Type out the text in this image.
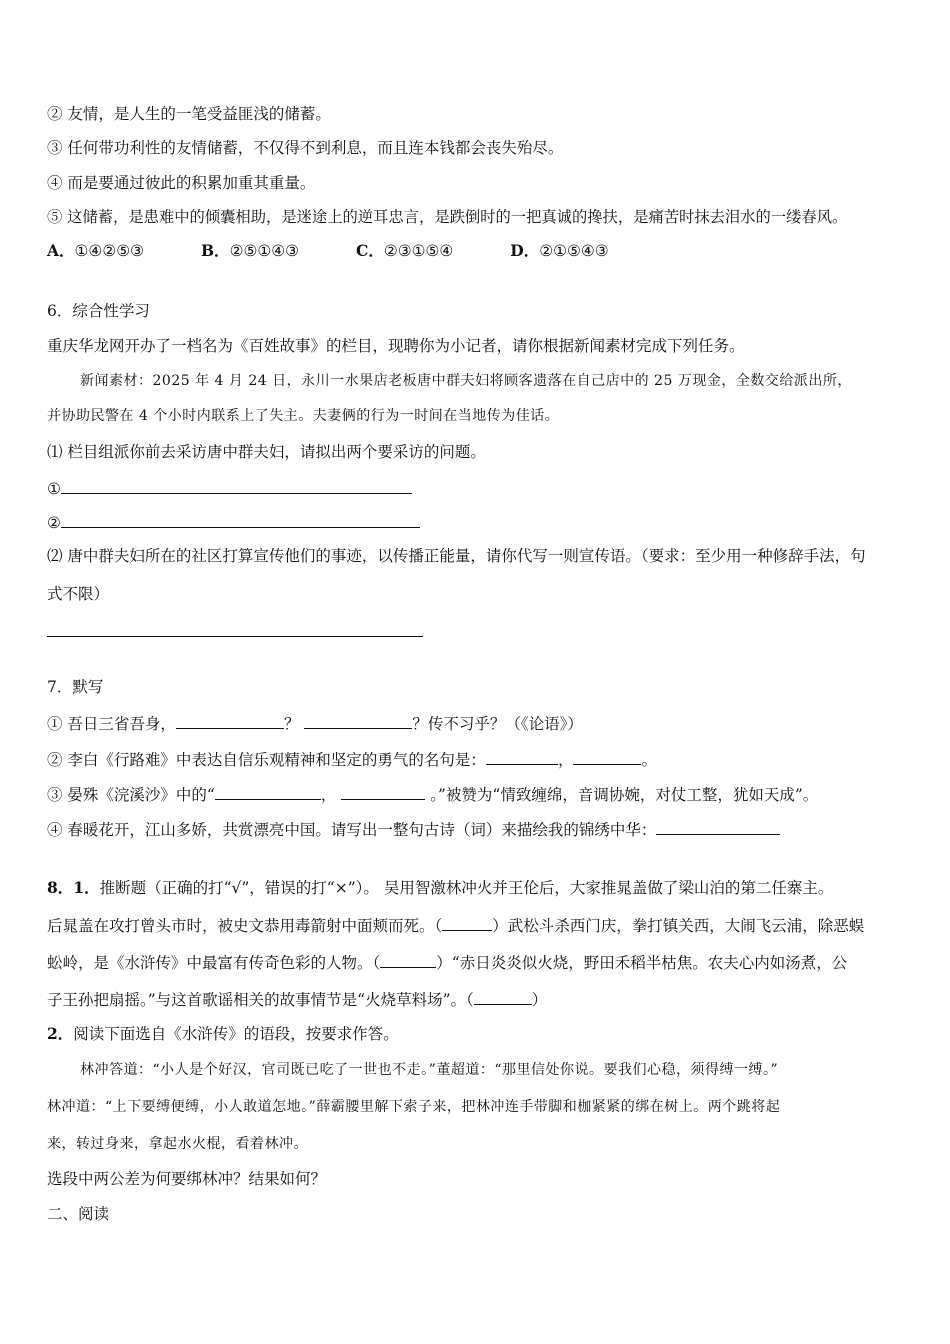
② 友情，是人生的一笔受益匪浅的储蓄。
③ 任何带功利性的友情储蓄，不仅得不到利息，而且连本钱都会丧失殆尽。
④ 而是要通过彼此的积累加重其重量。
⑤ 这储蓄，是患难中的倾囊相助，是迷途上的逆耳忠言，是跌倒时的一把真诚的搀扶，是痛苦时抹去泪水的一缕春风。
A．①④②⑤③	B．②⑤①④③	C．②③①⑤④	D．②①⑤④③
6．综合性学习
重庆华龙网开办了一档名为《百姓故事》的栏目，现聘你为小记者，请你根据新闻素材完成下列任务。
新闻素材：2025 年 4 月 24 日，永川一水果店老板唐中群夫妇将顾客遗落在自己店中的 25 万现金，全数交给派出所，
并协助民警在 4 个小时内联系上了失主。夫妻俩的行为一时间在当地传为佳话。
⑴ 栏目组派你前去采访唐中群夫妇，请拟出两个要采访的问题。
①
②
⑵ 唐中群夫妇所在的社区打算宣传他们的事迹，以传播正能量，请你代写一则宣传语。（要求：至少用一种修辞手法，句
式不限）
7．默写
① 吾日三省吾身，	？	？传不习乎？（《论语》）
② 李白《行路难》中表达自信乐观精神和坚定的勇气的名句是：	，	。
③ 晏殊《浣溪沙》中的“	，	。”被赞为“情致缠绵，音调协婉，对仗工整，犹如天成”。
④ 春暖花开，江山多娇，共赏漂亮中国。请写出一整句古诗（词）来描绘我的锦绣中华：
8．1．推断题（正确的打“√”，错误的打“×”）。 吴用智激林冲火并王伦后，大家推晁盖做了梁山泊的第二任寨主。
后晁盖在攻打曾头市时，被史文恭用毒箭射中面颊而死。（	）武松斗杀西门庆，拳打镇关西，大闹飞云浦，除恶蜈
蚣岭，是《水浒传》中最富有传奇色彩的人物。（	）“赤日炎炎似火烧，野田禾稻半枯焦。农夫心内如汤煮，公
子王孙把扇摇。”与这首歌谣相关的故事情节是“火烧草料场”。（	）
2．阅读下面选自《水浒传》的语段，按要求作答。
林冲答道：“小人是个好汉，官司既已吃了一世也不走。”董超道：“那里信处你说。要我们心稳，须得缚一缚。”
林冲道：“上下要缚便缚，小人敢道怎地。”薛霸腰里解下索子来，把林冲连手带脚和枷紧紧的绑在树上。两个跳将起
来，转过身来，拿起水火棍，看着林冲。
选段中两公差为何要绑林冲？结果如何？
二、阅读
